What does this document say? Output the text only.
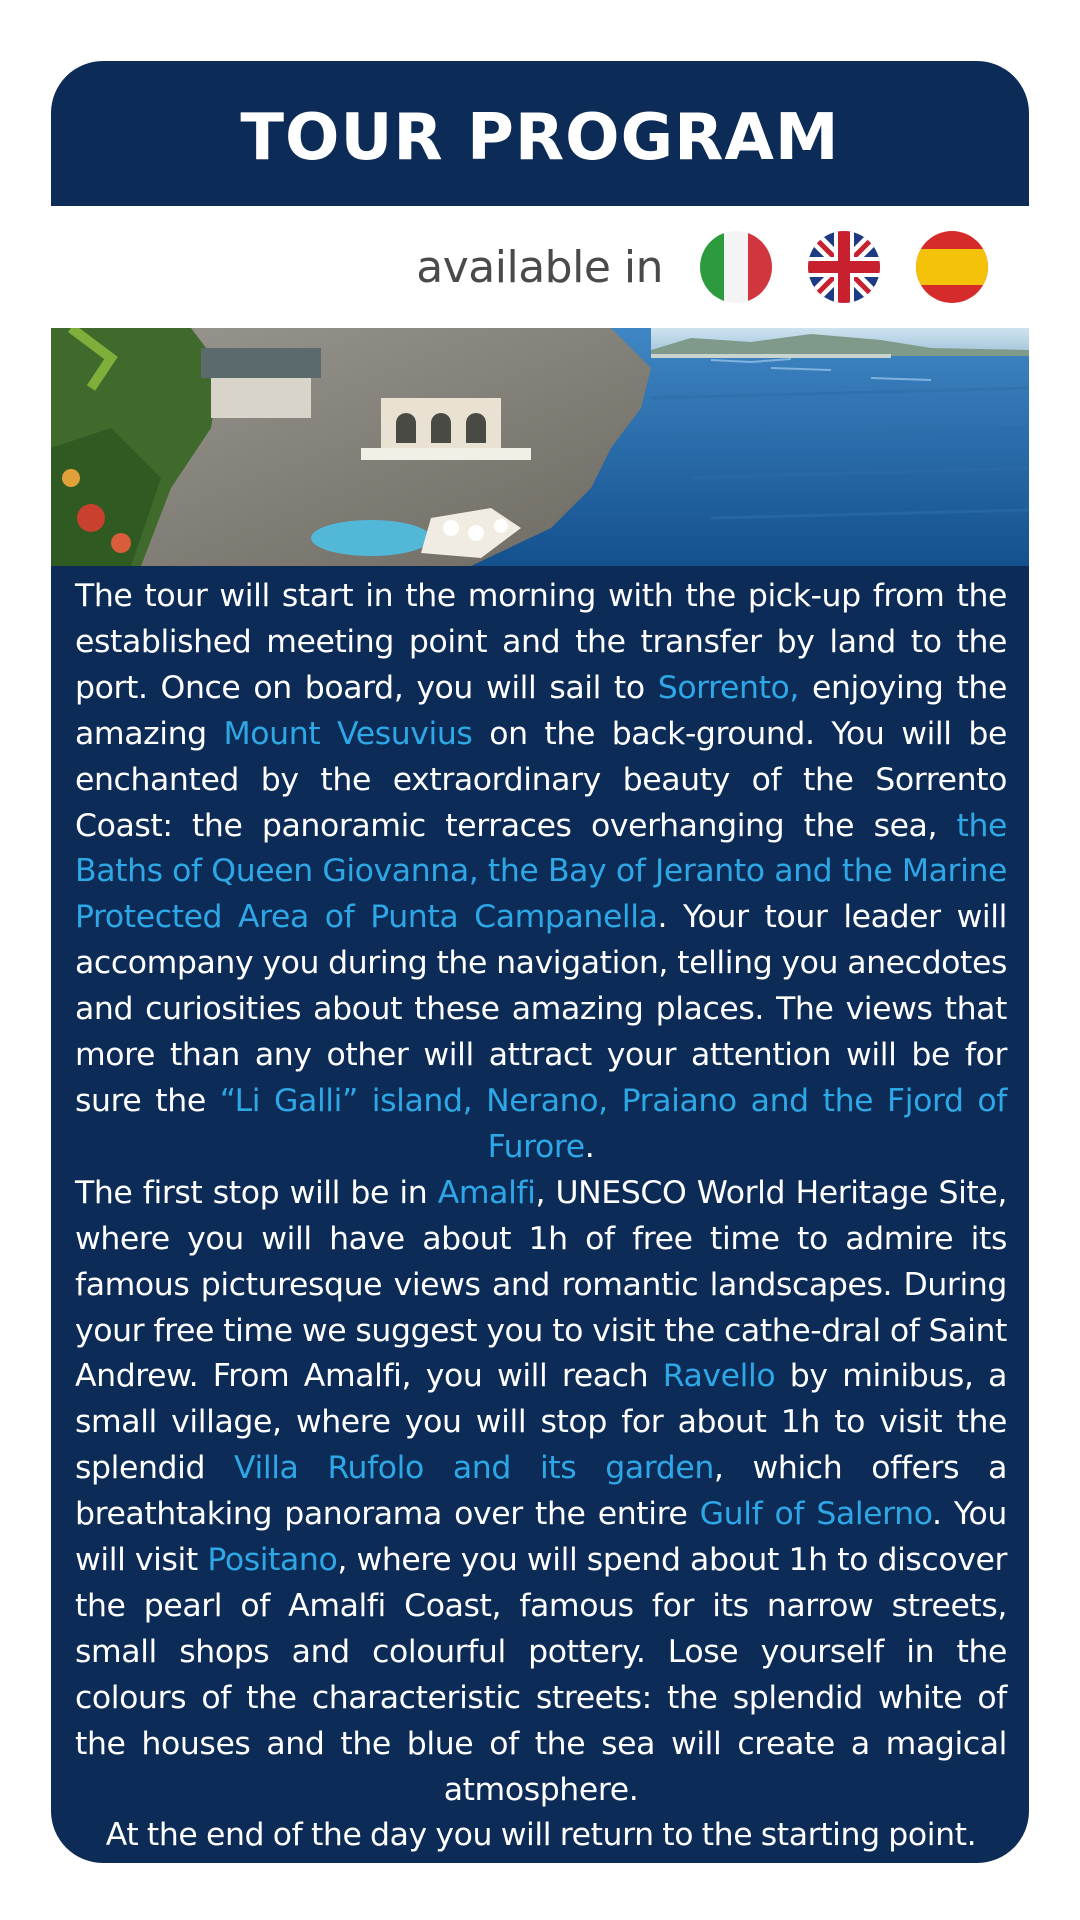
TOUR PROGRAM
available in

The tour will start in the morning with the pick-up from the established meeting point and the transfer by land to the port. Once on board, you will sail to Sorrento, enjoying the amazing Mount Vesuvius on the back-ground. You will be enchanted by the extraordinary beauty of the Sorrento Coast: the panoramic terraces overhanging the sea, the Baths of Queen Giovanna, the Bay of Jeranto and the Marine Protected Area of Punta Campanella. Your tour leader will accompany you during the navigation, telling you anecdotes and curiosities about these amazing places. The views that more than any other will attract your attention will be for sure the “Li Galli” island, Nerano, Praiano and the Fjord of Furore.

The first stop will be in Amalfi, UNESCO World Heritage Site, where you will have about 1h of free time to admire its famous picturesque views and romantic landscapes. During your free time we suggest you to visit the cathe-dral of Saint Andrew. From Amalfi, you will reach Ravello by minibus, a small village, where you will stop for about 1h to visit the splendid Villa Rufolo and its garden, which offers a breathtaking panorama over the entire Gulf of Salerno. You will visit Positano, where you will spend about 1h to discover the pearl of Amalfi Coast, famous for its narrow streets, small shops and colourful pottery. Lose yourself in the colours of the characteristic streets: the splendid white of the houses and the blue of the sea will create a magical atmosphere.

At the end of the day you will return to the starting point.
